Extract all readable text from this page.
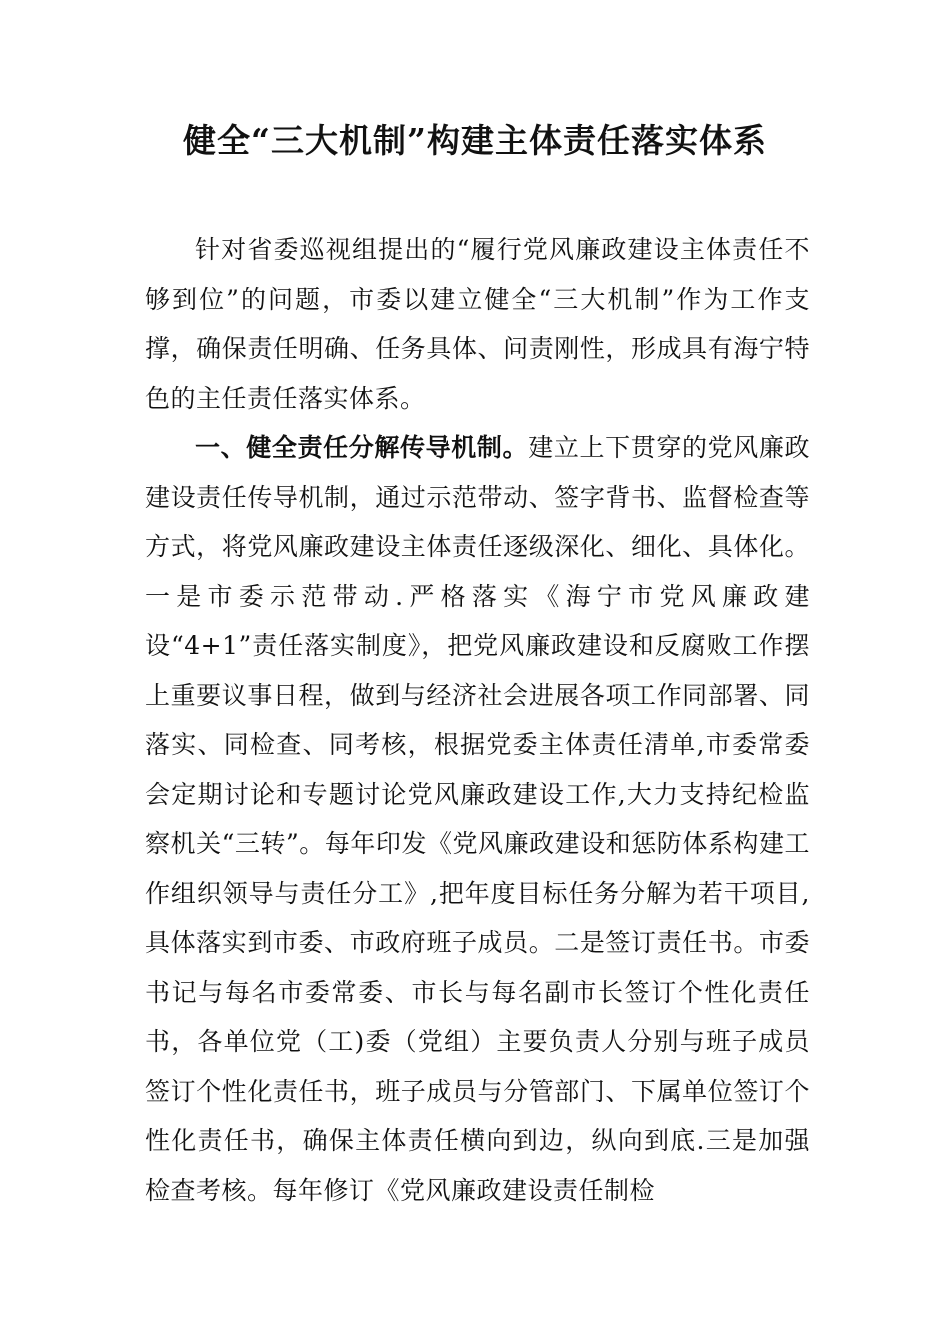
健全“三大机制”构建主体责任落实体系

针对省委巡视组提出的“履行党风廉政建设主体责任不够到位”的问题，市委以建立健全“三大机制”作为工作支撑，确保责任明确、任务具体、问责刚性，形成具有海宁特色的主任责任落实体系。

一、健全责任分解传导机制。建立上下贯穿的党风廉政建设责任传导机制，通过示范带动、签字背书、监督检查等方式，将党风廉政建设主体责任逐级深化、细化、具体化。一是市委示范带动.严格落实《海宁市党风廉政建设“4+1”责任落实制度》，把党风廉政建设和反腐败工作摆上重要议事日程，做到与经济社会进展各项工作同部署、同落实、同检查、同考核，根据党委主体责任清单,市委常委会定期讨论和专题讨论党风廉政建设工作,大力支持纪检监察机关“三转”。每年印发《党风廉政建设和惩防体系构建工作组织领导与责任分工》,把年度目标任务分解为若干项目,具体落实到市委、市政府班子成员。二是签订责任书。市委书记与每名市委常委、市长与每名副市长签订个性化责任书，各单位党（工)委（党组）主要负责人分别与班子成员签订个性化责任书，班子成员与分管部门、下属单位签订个性化责任书，确保主体责任横向到边，纵向到底.三是加强检查考核。每年修订《党风廉政建设责任制检
